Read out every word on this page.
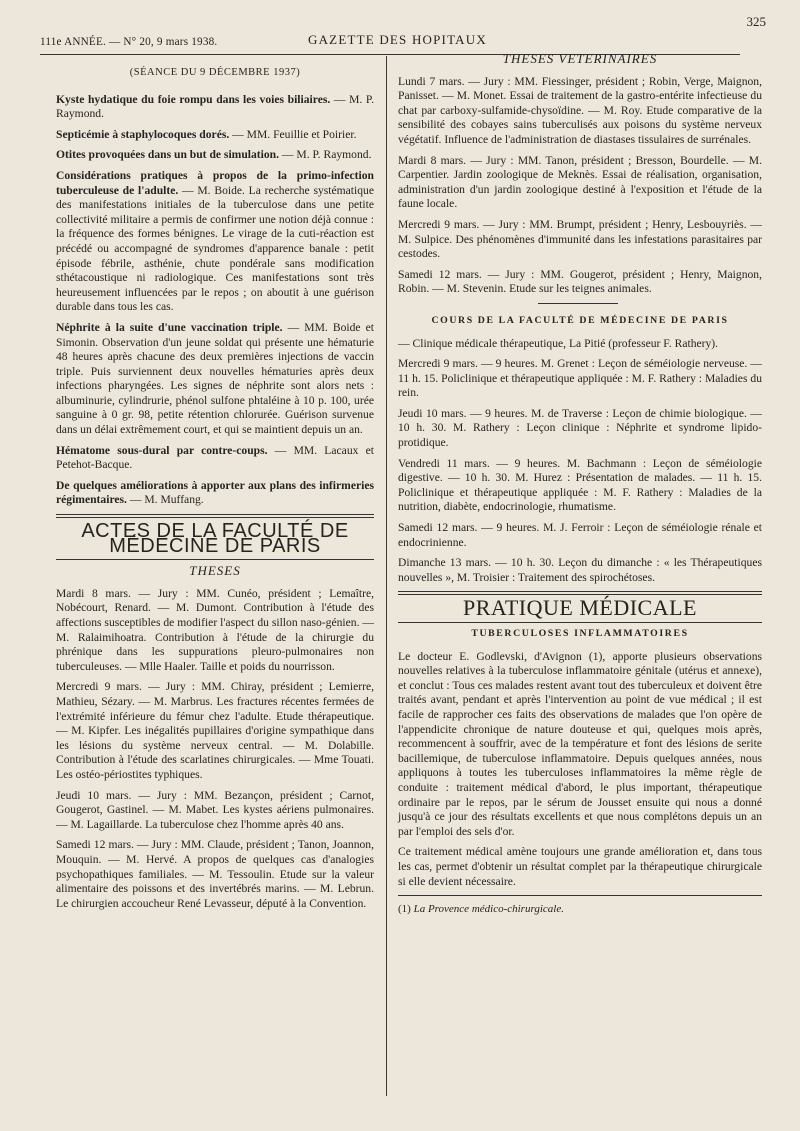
111e ANNÉE. — N° 20, 9 mars 1938.	GAZETTE DES HOPITAUX
325
(SÉANCE DU 9 DÉCEMBRE 1937)

Kyste hydatique du foie rompu dans les voies biliaires. — M. P. Raymond.

Septicémie à staphylocoques dorés. — MM. Feuillie et Poirier.

Otites provoquées dans un but de simulation. — M. P. Raymond.

Considérations pratiques à propos de la primo-infection tuberculeuse de l'adulte. — M. Boide. La recherche systématique des manifestations initiales de la tuberculose dans une petite collectivité militaire a permis de confirmer une notion déjà connue : la fréquence des formes bénignes. Le virage de la cuti-réaction est précédé ou accompagné de syndromes d'apparence banale : petit épisode fébrile, asthénie, chute pondérale sans modification sthétacoustique ni radiologique. Ces manifestations sont très heureusement influencées par le repos ; on aboutit à une guérison durable dans tous les cas.

Néphrite à la suite d'une vaccination triple. — MM. Boide et Simonin. Observation d'un jeune soldat qui présente une hématurie 48 heures après chacune des deux premières injections de vaccin triple. Puis surviennent deux nouvelles hématuries après deux infections pharyngées. Les signes de néphrite sont alors nets : albuminurie, cylindrurie, phénol sulfone phtaléine à 10 p. 100, urée sanguine à 0 gr. 98, petite rétention chlorurée. Guérison survenue dans un délai extrêmement court, et qui se maintient depuis un an.

Hématome sous-dural par contre-coups. — MM. Lacaux et Petehot-Bacque.

De quelques améliorations à apporter aux plans des infirmeries régimentaires. — M. Muffang.

ACTES DE LA FACULTÉ DE MÉDECINE DE PARIS
THESES

Mardi 8 mars. — Jury : MM. Cunéo, président ; Lemaître, Nobécourt, Renard. — M. Dumont. Contribution à l'étude des affections susceptibles de modifier l'aspect du sillon naso-génien. — M. Ralaimihoatra. Contribution à l'étude de la chirurgie du phrénique dans les suppurations pleuro-pulmonaires non tuberculeuses. — Mlle Haaler. Taille et poids du nourrisson.

Mercredi 9 mars. — Jury : MM. Chiray, président ; Lemierre, Mathieu, Sézary. — M. Marbrus. Les fractures récentes fermées de l'extrémité inférieure du fémur chez l'adulte. Etude thérapeutique. — M. Kipfer. Les inégalités pupillaires d'origine sympathique dans les lésions du système nerveux central. — M. Dolabille. Contribution à l'étude des scarlatines chirurgicales. — Mme Touati. Les ostéo-périostites typhiques.

Jeudi 10 mars. — Jury : MM. Bezançon, président ; Carnot, Gougerot, Gastinel. — M. Mabet. Les kystes aériens pulmonaires. — M. Lagaillarde. La tuberculose chez l'homme après 40 ans.

Samedi 12 mars. — Jury : MM. Claude, président ; Tanon, Joannon, Mouquin. — M. Hervé. A propos de quelques cas d'analogies psychopathiques familiales. — M. Tessoulin. Etude sur la valeur alimentaire des poissons et des invertébrés marins. — M. Lebrun. Le chirurgien accoucheur René Levasseur, député à la Convention.

THESES VETERINAIRES

Lundi 7 mars. — Jury : MM. Fiessinger, président ; Robin, Verge, Maignon, Panisset. — M. Monet. Essai de traitement de la gastro-entérite infectieuse du chat par carboxy-sulfamide-chysoïdine. — M. Roy. Etude comparative de la sensibilité des cobayes sains tuberculisés aux poisons du système nerveux végétatif. Influence de l'administration de diastases tissulaires de surrénales.

Mardi 8 mars. — Jury : MM. Tanon, président ; Bresson, Bourdelle. — M. Carpentier. Jardin zoologique de Meknès. Essai de réalisation, organisation, administration d'un jardin zoologique destiné à l'exposition et l'étude de la faune locale.

Mercredi 9 mars. — Jury : MM. Brumpt, président ; Henry, Lesbouyriès. — M. Sulpice. Des phénomènes d'immunité dans les infestations parasitaires par cestodes.

Samedi 12 mars. — Jury : MM. Gougerot, président ; Henry, Maignon, Robin. — M. Stevenin. Etude sur les teignes animales.

COURS DE LA FACULTÉ DE MÉDECINE DE PARIS

— Clinique médicale thérapeutique, La Pitié (professeur F. Rathery).

Mercredi 9 mars. — 9 heures. M. Grenet : Leçon de séméiologie nerveuse. — 11 h. 15. Policlinique et thérapeutique appliquée : M. F. Rathery : Maladies du rein.

Jeudi 10 mars. — 9 heures. M. de Traverse : Leçon de chimie biologique. — 10 h. 30. M. Rathery : Leçon clinique : Néphrite et syndrome lipido-protidique.

Vendredi 11 mars. — 9 heures. M. Bachmann : Leçon de séméiologie digestive. — 10 h. 30. M. Hurez : Présentation de malades. — 11 h. 15. Policlinique et thérapeutique appliquée : M. F. Rathery : Maladies de la nutrition, diabète, endocrinologie, rhumatisme.

Samedi 12 mars. — 9 heures. M. J. Ferroir : Leçon de séméiologie rénale et endocrinienne.

Dimanche 13 mars. — 10 h. 30. Leçon du dimanche : « les Thérapeutiques nouvelles », M. Troisier : Traitement des spirochétoses.

PRATIQUE MÉDICALE
TUBERCULOSES INFLAMMATOIRES

Le docteur E. Godlevski, d'Avignon (1), apporte plusieurs observations nouvelles relatives à la tuberculose inflammatoire génitale (utérus et annexe), et conclut : Tous ces malades restent avant tout des tuberculeux et doivent être traités avant, pendant et après l'intervention au point de vue médical ; il est facile de rapprocher ces faits des observations de malades que l'on opère de l'appendicite chronique de nature douteuse et qui, quelques mois après, recommencent à souffrir, avec de la température et font des lésions de serite bacillemique, de tuberculose inflammatoire. Depuis quelques années, nous appliquons à toutes les tuberculoses inflammatoires la même règle de conduite : traitement médical d'abord, le plus important, thérapeutique ordinaire par le repos, par le sérum de Jousset ensuite qui nous a donné jusqu'à ce jour des résultats excellents et que nous complétons depuis un an par l'emploi des sels d'or.

Ce traitement médical amène toujours une grande amélioration et, dans tous les cas, permet d'obtenir un résultat complet par la thérapeutique chirurgicale si elle devient nécessaire.

(1) La Provence médico-chirurgicale.
